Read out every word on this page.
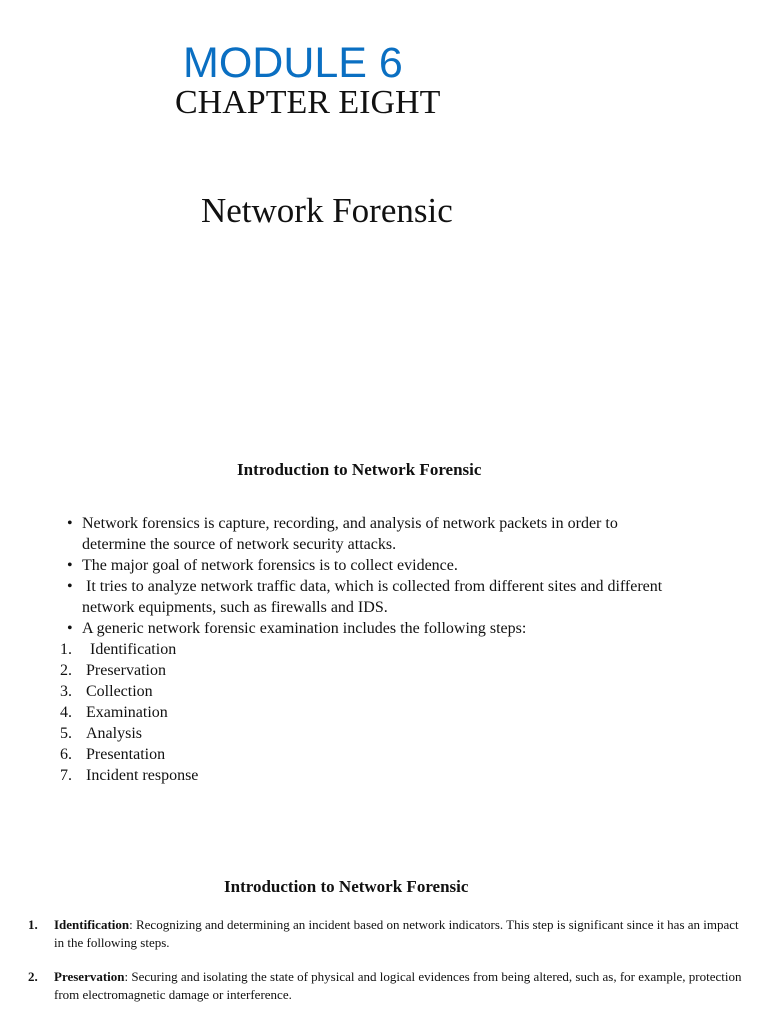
MODULE 6
CHAPTER EIGHT
Network Forensic
Introduction to Network Forensic
• Network forensics is capture, recording, and analysis of network packets in order to
determine the source of network security attacks.
• The major goal of network forensics is to collect evidence.
• It tries to analyze network traffic data, which is collected from different sites and different
network equipments, such as firewalls and IDS.
• A generic network forensic examination includes the following steps:
1. Identification
2. Preservation
3. Collection
4. Examination
5. Analysis
6. Presentation
7. Incident response
Introduction to Network Forensic
1. Identification: Recognizing and determining an incident based on network indicators. This step is significant since it has an impact in the following steps.
2. Preservation: Securing and isolating the state of physical and logical evidences from being altered, such as, for example, protection from electromagnetic damage or interference.
